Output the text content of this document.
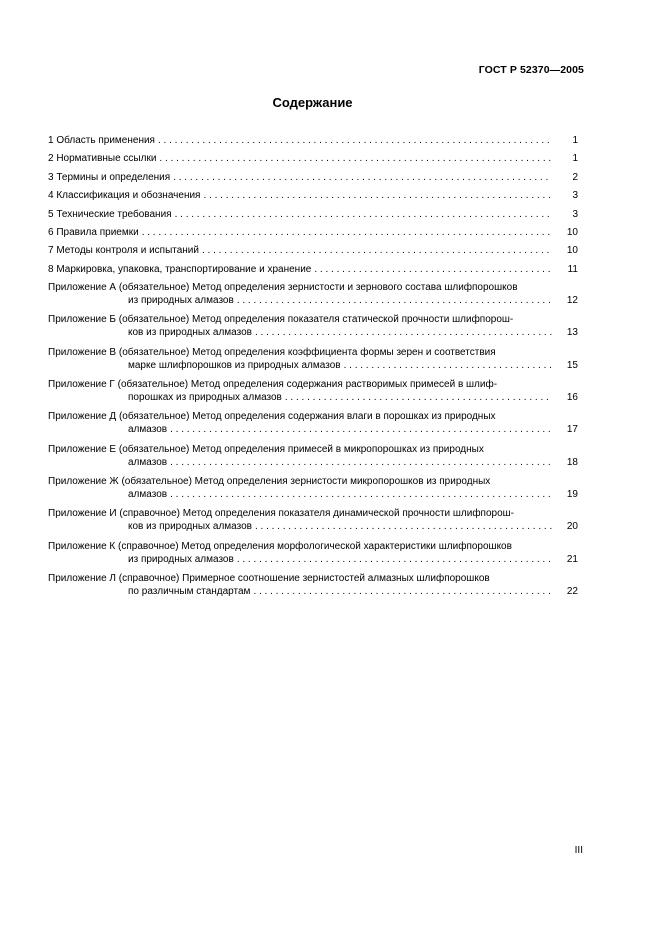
ГОСТ Р 52370—2005
Содержание
1 Область применения . . .	1
2 Нормативные ссылки . . .	1
3 Термины и определения . . .	2
4 Классификация и обозначения . . .	3
5 Технические требования . . .	3
6 Правила приемки . . .	10
7 Методы контроля и испытаний . . .	10
8 Маркировка, упаковка, транспортирование и хранение . . .	11
Приложение А (обязательное) Метод определения зернистости и зернового состава шлифпорошков
из природных алмазов . . .	12
Приложение Б (обязательное) Метод определения показателя статической прочности шлифпорош-
ков из природных алмазов . . .	13
Приложение В (обязательное) Метод определения коэффициента формы зерен и соответствия
марке шлифпорошков из природных алмазов . . .	15
Приложение Г (обязательное) Метод определения содержания растворимых примесей в шлиф-
порошках из природных алмазов . . .	16
Приложение Д (обязательное) Метод определения содержания влаги в порошках из природных
алмазов . . .	17
Приложение Е (обязательное) Метод определения примесей в микропорошках из природных
алмазов . . .	18
Приложение Ж (обязательное) Метод определения зернистости микропорошков из природных
алмазов . . .	19
Приложение И (справочное) Метод определения показателя динамической прочности шлифпорош-
ков из природных алмазов . . .	20
Приложение К (справочное) Метод определения морфологической характеристики шлифпорошков
из природных алмазов . . .	21
Приложение Л (справочное) Примерное соотношение зернистостей алмазных шлифпорошков
по различным стандартам . . .	22
III
